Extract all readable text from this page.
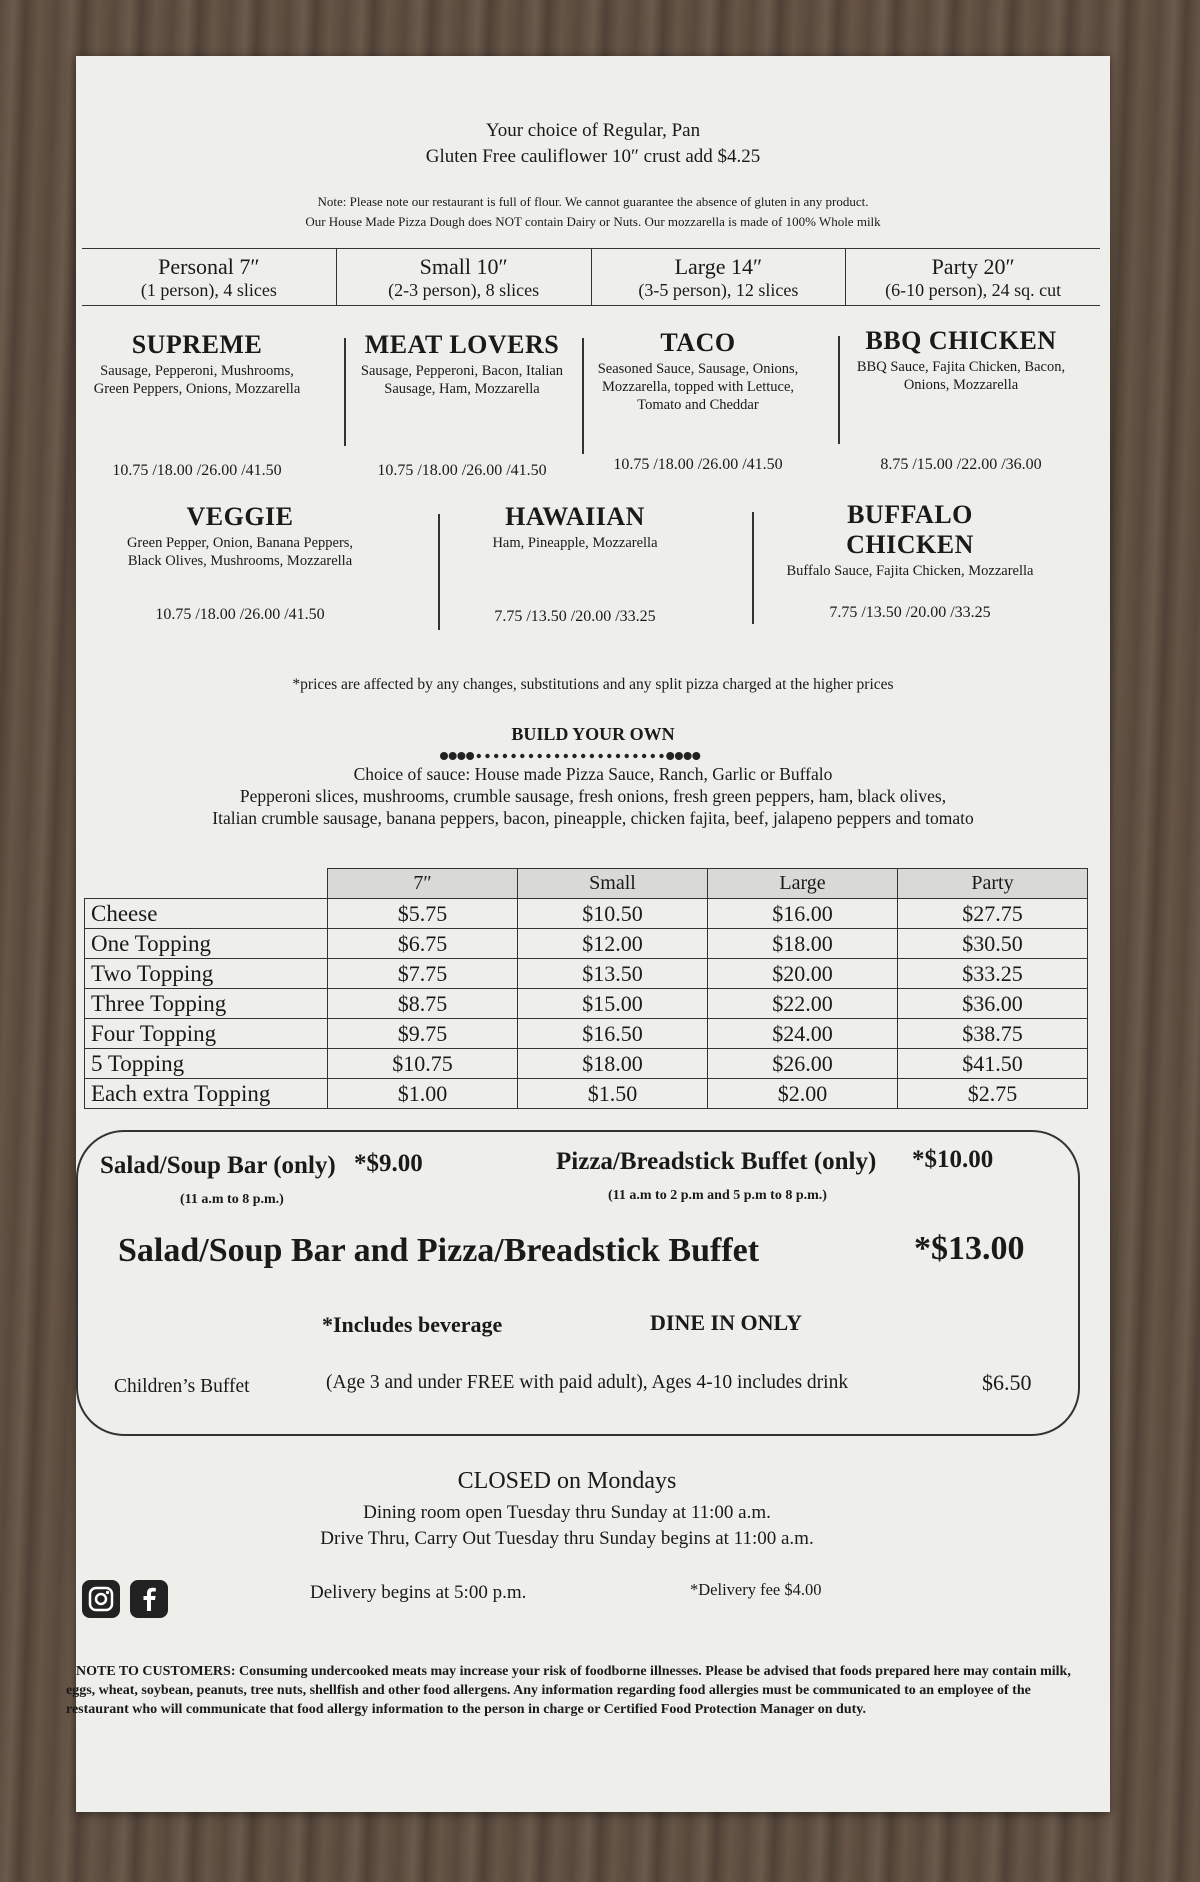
Your choice of Regular, Pan
Gluten Free cauliflower 10″ crust add $4.25
Note: Please note our restaurant is full of flour. We cannot guarantee the absence of gluten in any product.
Our House Made Pizza Dough does NOT contain Dairy or Nuts. Our mozzarella is made of 100% Whole milk
Personal 7″
(1 person), 4 slices
Small 10″
(2-3 person), 8 slices
Large 14″
(3-5 person), 12 slices
Party 20″
(6-10 person), 24 sq. cut
SUPREME
Sausage, Pepperoni, Mushrooms, Green Peppers, Onions, Mozzarella
10.75 /18.00 /26.00 /41.50
MEAT LOVERS
Sausage, Pepperoni, Bacon, Italian Sausage, Ham, Mozzarella
10.75 /18.00 /26.00 /41.50
TACO
Seasoned Sauce, Sausage, Onions, Mozzarella, topped with Lettuce, Tomato and Cheddar
10.75 /18.00 /26.00 /41.50
BBQ CHICKEN
BBQ Sauce, Fajita Chicken, Bacon, Onions, Mozzarella
8.75 /15.00 /22.00 /36.00
VEGGIE
Green Pepper, Onion, Banana Peppers, Black Olives, Mushrooms, Mozzarella
10.75 /18.00 /26.00 /41.50
HAWAIIAN
Ham, Pineapple, Mozzarella
7.75 /13.50 /20.00 /33.25
BUFFALO CHICKEN
Buffalo Sauce, Fajita Chicken, Mozzarella
7.75 /13.50 /20.00 /33.25
*prices are affected by any changes, substitutions and any split pizza charged at the higher prices
BUILD YOUR OWN
Choice of sauce: House made Pizza Sauce, Ranch, Garlic or Buffalo
Pepperoni slices, mushrooms, crumble sausage, fresh onions, fresh green peppers, ham, black olives,
Italian crumble sausage, banana peppers, bacon, pineapple, chicken fajita, beef, jalapeno peppers and tomato
	7″	Small	Large	Party
Cheese	$5.75	$10.50	$16.00	$27.75
One Topping	$6.75	$12.00	$18.00	$30.50
Two Topping	$7.75	$13.50	$20.00	$33.25
Three Topping	$8.75	$15.00	$22.00	$36.00
Four Topping	$9.75	$16.50	$24.00	$38.75
5 Topping	$10.75	$18.00	$26.00	$41.50
Each extra Topping	$1.00	$1.50	$2.00	$2.75
Salad/Soup Bar (only) *$9.00
(11 a.m to 8 p.m.)
Pizza/Breadstick Buffet (only) *$10.00
(11 a.m to 2 p.m and 5 p.m to 8 p.m.)
Salad/Soup Bar and Pizza/Breadstick Buffet	*$13.00
*Includes beverage	DINE IN ONLY
Children’s Buffet	(Age 3 and under FREE with paid adult), Ages 4-10 includes drink	$6.50
CLOSED on Mondays
Dining room open Tuesday thru Sunday at 11:00 a.m.
Drive Thru, Carry Out Tuesday thru Sunday begins at 11:00 a.m.
Delivery begins at 5:00 p.m.	*Delivery fee $4.00
NOTE TO CUSTOMERS: Consuming undercooked meats may increase your risk of foodborne illnesses. Please be advised that foods prepared here may contain milk, eggs, wheat, soybean, peanuts, tree nuts, shellfish and other food allergens. Any information regarding food allergies must be communicated to an employee of the restaurant who will communicate that food allergy information to the person in charge or Certified Food Protection Manager on duty.
